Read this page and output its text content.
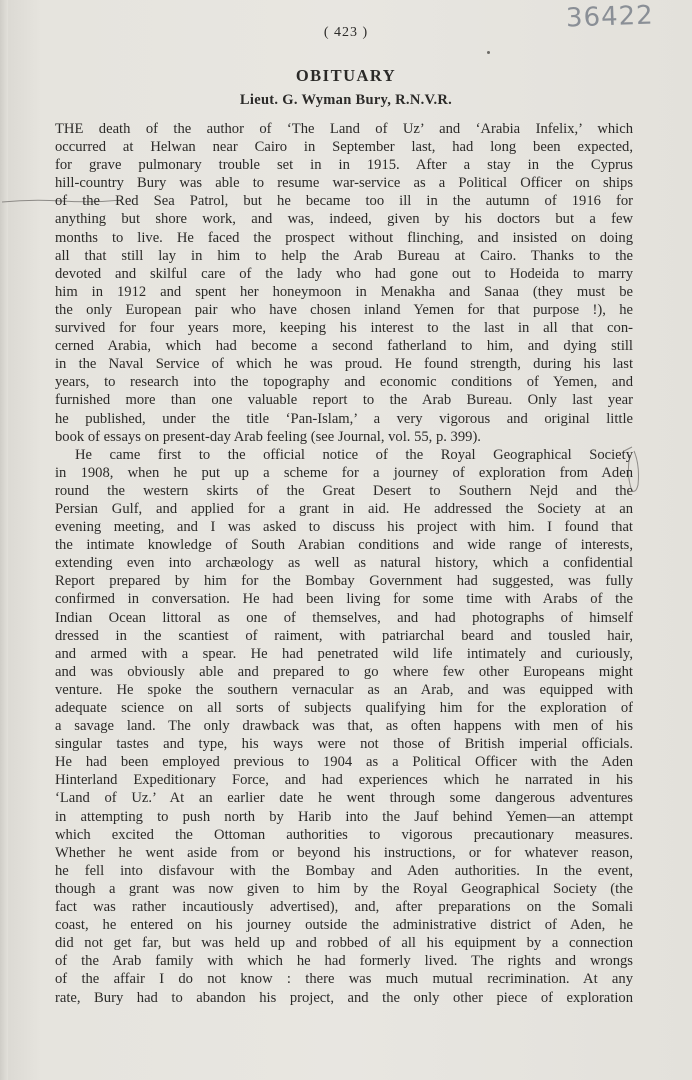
36422
( 423 )
OBITUARY
Lieut. G. Wyman Bury, R.N.V.R.
THE death of the author of ‘The Land of Uz’ and ‘Arabia Infelix,’ which
occurred at Helwan near Cairo in September last, had long been expected,
for grave pulmonary trouble set in in 1915. After a stay in the Cyprus
hill-country Bury was able to resume war-service as a Political Officer on ships
of the Red Sea Patrol, but he became too ill in the autumn of 1916 for
anything but shore work, and was, indeed, given by his doctors but a few
months to live. He faced the prospect without flinching, and insisted on doing
all that still lay in him to help the Arab Bureau at Cairo. Thanks to the
devoted and skilful care of the lady who had gone out to Hodeida to marry
him in 1912 and spent her honeymoon in Menakha and Sanaa (they must be
the only European pair who have chosen inland Yemen for that purpose !), he
survived for four years more, keeping his interest to the last in all that con-
cerned Arabia, which had become a second fatherland to him, and dying still
in the Naval Service of which he was proud. He found strength, during his last
years, to research into the topography and economic conditions of Yemen, and
furnished more than one valuable report to the Arab Bureau. Only last year
he published, under the title ‘Pan-Islam,’ a very vigorous and original little
book of essays on present-day Arab feeling (see Journal, vol. 55, p. 399).
He came first to the official notice of the Royal Geographical Society
in 1908, when he put up a scheme for a journey of exploration from Aden
round the western skirts of the Great Desert to Southern Nejd and the
Persian Gulf, and applied for a grant in aid. He addressed the Society at an
evening meeting, and I was asked to discuss his project with him. I found that
the intimate knowledge of South Arabian conditions and wide range of interests,
extending even into archæology as well as natural history, which a confidential
Report prepared by him for the Bombay Government had suggested, was fully
confirmed in conversation. He had been living for some time with Arabs of the
Indian Ocean littoral as one of themselves, and had photographs of himself
dressed in the scantiest of raiment, with patriarchal beard and tousled hair,
and armed with a spear. He had penetrated wild life intimately and curiously,
and was obviously able and prepared to go where few other Europeans might
venture. He spoke the southern vernacular as an Arab, and was equipped with
adequate science on all sorts of subjects qualifying him for the exploration of
a savage land. The only drawback was that, as often happens with men of his
singular tastes and type, his ways were not those of British imperial officials.
He had been employed previous to 1904 as a Political Officer with the Aden
Hinterland Expeditionary Force, and had experiences which he narrated in his
‘Land of Uz.’ At an earlier date he went through some dangerous adventures
in attempting to push north by Harib into the Jauf behind Yemen—an attempt
which excited the Ottoman authorities to vigorous precautionary measures.
Whether he went aside from or beyond his instructions, or for whatever reason,
he fell into disfavour with the Bombay and Aden authorities. In the event,
though a grant was now given to him by the Royal Geographical Society (the
fact was rather incautiously advertised), and, after preparations on the Somali
coast, he entered on his journey outside the administrative district of Aden, he
did not get far, but was held up and robbed of all his equipment by a connection
of the Arab family with which he had formerly lived. The rights and wrongs
of the affair I do not know : there was much mutual recrimination. At any
rate, Bury had to abandon his project, and the only other piece of exploration
